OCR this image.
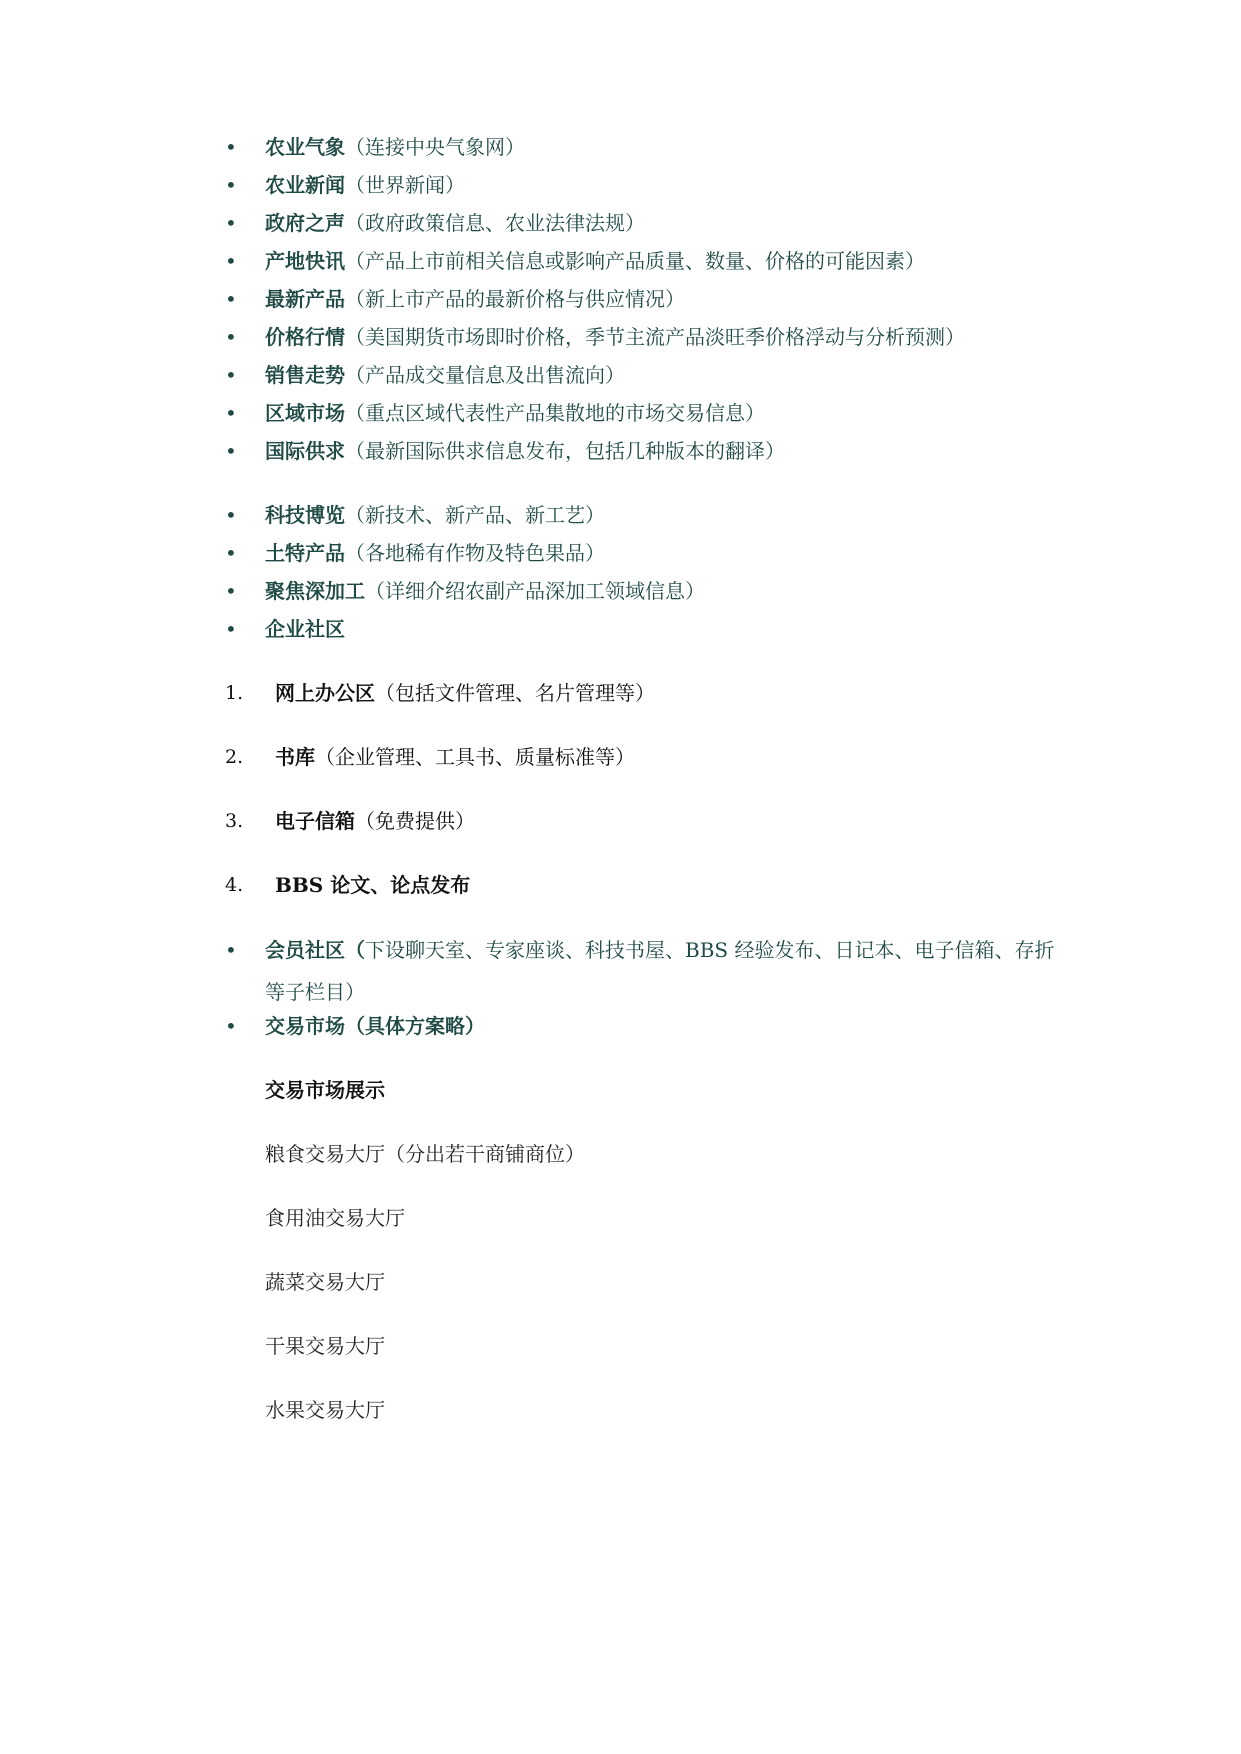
•	农业气象（连接中央气象网）
•	农业新闻（世界新闻）
•	政府之声（政府政策信息、农业法律法规）
•	产地快讯（产品上市前相关信息或影响产品质量、数量、价格的可能因素）
•	最新产品（新上市产品的最新价格与供应情况）
•	价格行情（美国期货市场即时价格，季节主流产品淡旺季价格浮动与分析预测）
•	销售走势（产品成交量信息及出售流向）
•	区域市场（重点区域代表性产品集散地的市场交易信息）
•	国际供求（最新国际供求信息发布，包括几种版本的翻译）
•	科技博览（新技术、新产品、新工艺）
•	土特产品（各地稀有作物及特色果品）
•	聚焦深加工（详细介绍农副产品深加工领域信息）
•	企业社区
1.	网上办公区（包括文件管理、名片管理等）
2.	书库（企业管理、工具书、质量标准等）
3.	电子信箱（免费提供）
4.	BBS 论文、论点发布
•	会员社区（下设聊天室、专家座谈、科技书屋、BBS 经验发布、日记本、电子信箱、存折等子栏目）
•	交易市场（具体方案略）
交易市场展示
粮食交易大厅（分出若干商铺商位）
食用油交易大厅
蔬菜交易大厅
干果交易大厅
水果交易大厅
